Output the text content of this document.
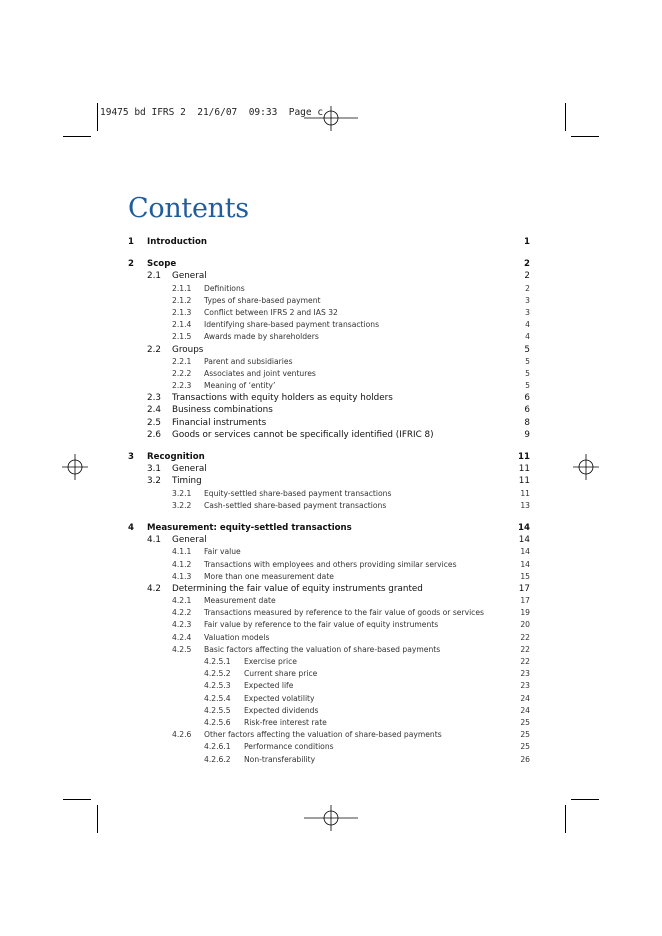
19475 bd IFRS 2  21/6/07  09:33  Page c
Contents
1 Introduction	1
2 Scope	2
2.1 General	2
2.1.1 Definitions	2
2.1.2 Types of share-based payment	3
2.1.3 Conflict between IFRS 2 and IAS 32	3
2.1.4 Identifying share-based payment transactions	4
2.1.5 Awards made by shareholders	4
2.2 Groups	5
2.2.1 Parent and subsidiaries	5
2.2.2 Associates and joint ventures	5
2.2.3 Meaning of ‘entity’	5
2.3 Transactions with equity holders as equity holders	6
2.4 Business combinations	6
2.5 Financial instruments	8
2.6 Goods or services cannot be specifically identified (IFRIC 8)	9
3 Recognition	11
3.1 General	11
3.2 Timing	11
3.2.1 Equity-settled share-based payment transactions	11
3.2.2 Cash-settled share-based payment transactions	13
4 Measurement: equity-settled transactions	14
4.1 General	14
4.1.1 Fair value	14
4.1.2 Transactions with employees and others providing similar services	14
4.1.3 More than one measurement date	15
4.2 Determining the fair value of equity instruments granted	17
4.2.1 Measurement date	17
4.2.2 Transactions measured by reference to the fair value of goods or services	19
4.2.3 Fair value by reference to the fair value of equity instruments	20
4.2.4 Valuation models	22
4.2.5 Basic factors affecting the valuation of share-based payments	22
4.2.5.1 Exercise price	22
4.2.5.2 Current share price	23
4.2.5.3 Expected life	23
4.2.5.4 Expected volatility	24
4.2.5.5 Expected dividends	24
4.2.5.6 Risk-free interest rate	25
4.2.6 Other factors affecting the valuation of share-based payments	25
4.2.6.1 Performance conditions	25
4.2.6.2 Non-transferability	26
